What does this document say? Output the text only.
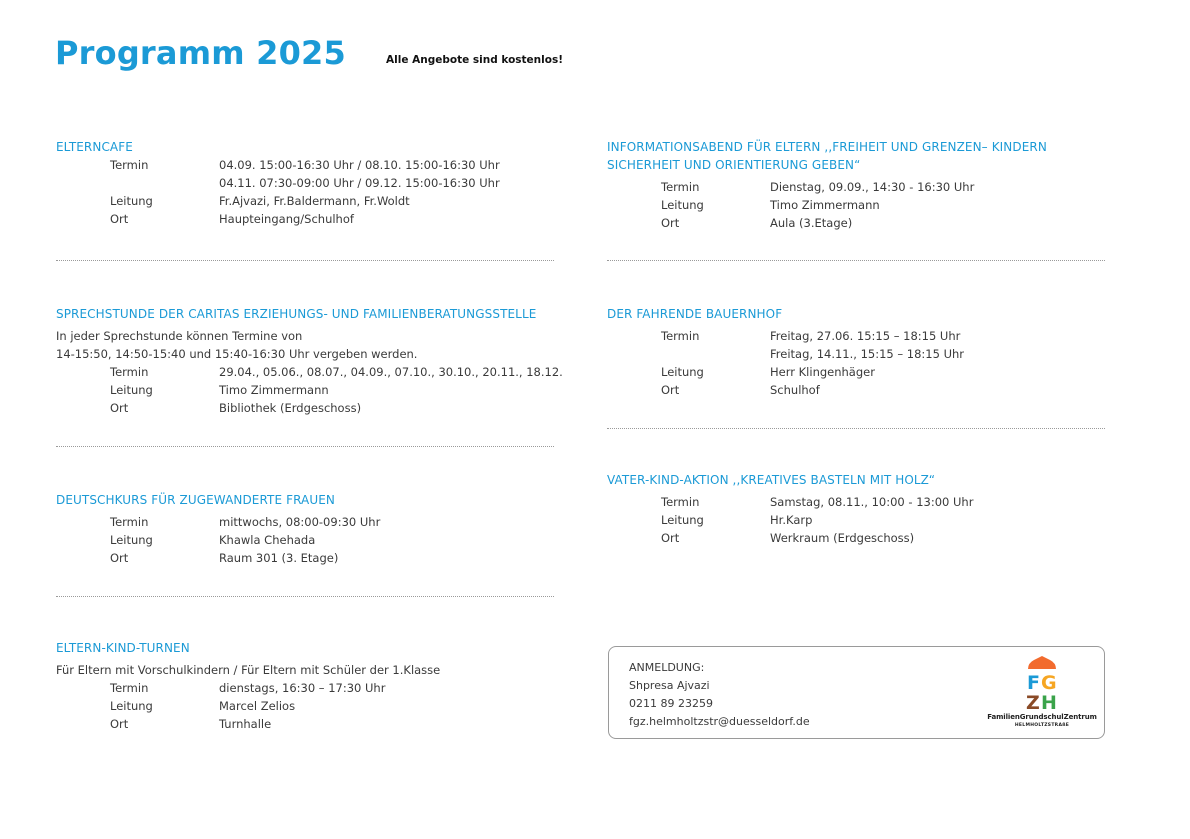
Programm 2025	Alle Angebote sind kostenlos!
ELTERNCAFE
Termin	04.09. 15:00-16:30 Uhr / 08.10. 15:00-16:30 Uhr
04.11. 07:30-09:00 Uhr / 09.12. 15:00-16:30 Uhr
Leitung	Fr.Ajvazi, Fr.Baldermann, Fr.Woldt
Ort	Haupteingang/Schulhof
SPRECHSTUNDE DER CARITAS ERZIEHUNGS- UND FAMILIENBERATUNGSSTELLE
In jeder Sprechstunde können Termine von
14-15:50, 14:50-15:40 und 15:40-16:30 Uhr vergeben werden.
Termin	29.04., 05.06., 08.07., 04.09., 07.10., 30.10., 20.11., 18.12.
Leitung	Timo Zimmermann
Ort	Bibliothek (Erdgeschoss)
DEUTSCHKURS FÜR ZUGEWANDERTE FRAUEN
Termin	mittwochs, 08:00-09:30 Uhr
Leitung	Khawla Chehada
Ort	Raum 301 (3. Etage)
ELTERN-KIND-TURNEN
Für Eltern mit Vorschulkindern / Für Eltern mit Schüler der 1.Klasse
Termin	dienstags, 16:30 – 17:30 Uhr
Leitung	Marcel Zelios
Ort	Turnhalle
INFORMATIONSABEND FÜR ELTERN ,,FREIHEIT UND GRENZEN– KINDERN
SICHERHEIT UND ORIENTIERUNG GEBEN“
Termin	Dienstag, 09.09., 14:30 - 16:30 Uhr
Leitung	Timo Zimmermann
Ort	Aula (3.Etage)
DER FAHRENDE BAUERNHOF
Termin	Freitag, 27.06. 15:15 – 18:15 Uhr
Freitag, 14.11., 15:15 – 18:15 Uhr
Leitung	Herr Klingenhäger
Ort	Schulhof
VATER-KIND-AKTION ,,KREATIVES BASTELN MIT HOLZ“
Termin	Samstag, 08.11., 10:00 - 13:00 Uhr
Leitung	Hr.Karp
Ort	Werkraum (Erdgeschoss)
ANMELDUNG:
Shpresa Ajvazi
0211 89 23259
fgz.helmholtzstr@duesseldorf.de
F G
Z H
FamilienGrundschulZentrum
HELMHOLTZSTRAßE
